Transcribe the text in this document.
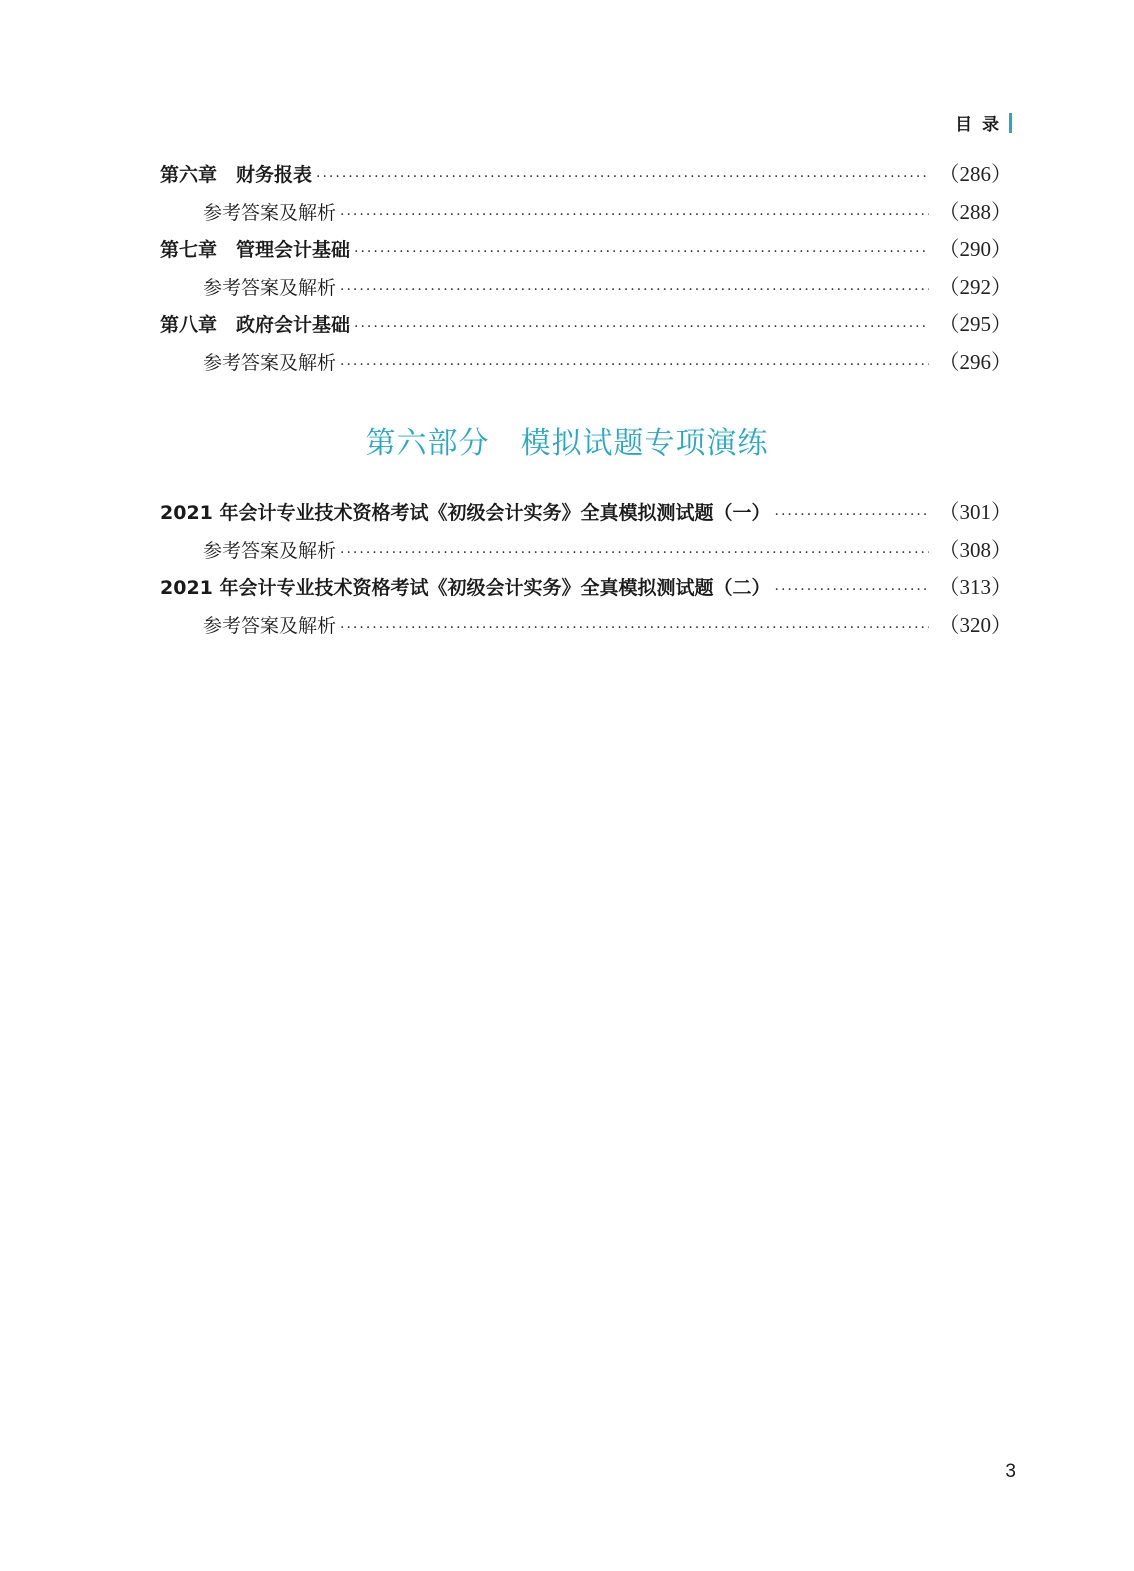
目 录
第六章　财务报表 ·····	（286）
参考答案及解析 ·····	（288）
第七章　管理会计基础 ·····	（290）
参考答案及解析 ·····	（292）
第八章　政府会计基础 ·····	（295）
参考答案及解析 ·····	（296）
第六部分　模拟试题专项演练
2021 年会计专业技术资格考试《初级会计实务》全真模拟测试题（一） ·····	（301）
参考答案及解析 ·····	（308）
2021 年会计专业技术资格考试《初级会计实务》全真模拟测试题（二） ·····	（313）
参考答案及解析 ·····	（320）
3
